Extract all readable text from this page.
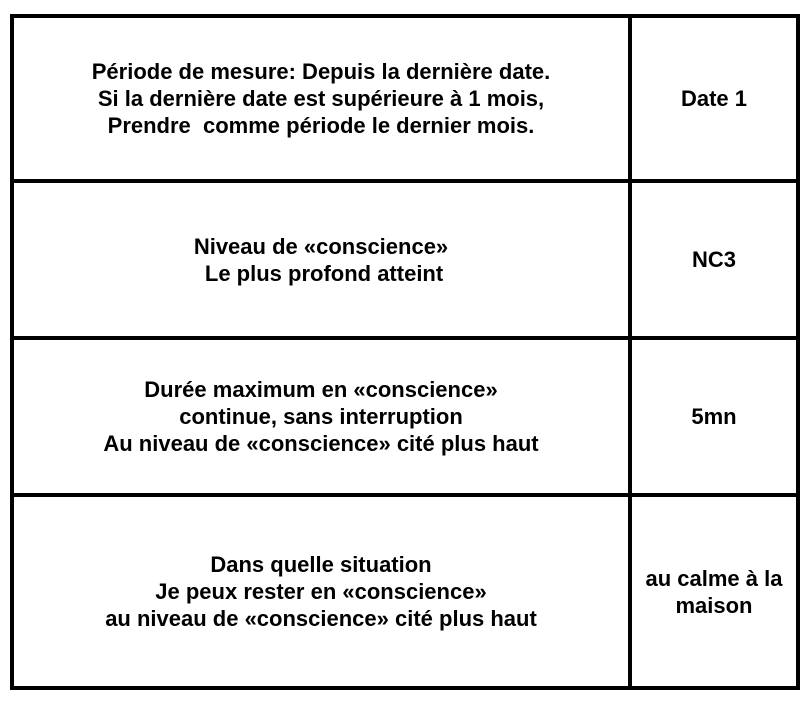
Période de mesure: Depuis la dernière date.
Si la dernière date est supérieure à 1 mois,
Prendre  comme période le dernier mois.
Date 1
Niveau de «conscience»
Le plus profond atteint
NC3
Durée maximum en «conscience»
continue, sans interruption
Au niveau de «conscience» cité plus haut
5mn
Dans quelle situation
Je peux rester en «conscience»
au niveau de «conscience» cité plus haut
au calme à la
maison
